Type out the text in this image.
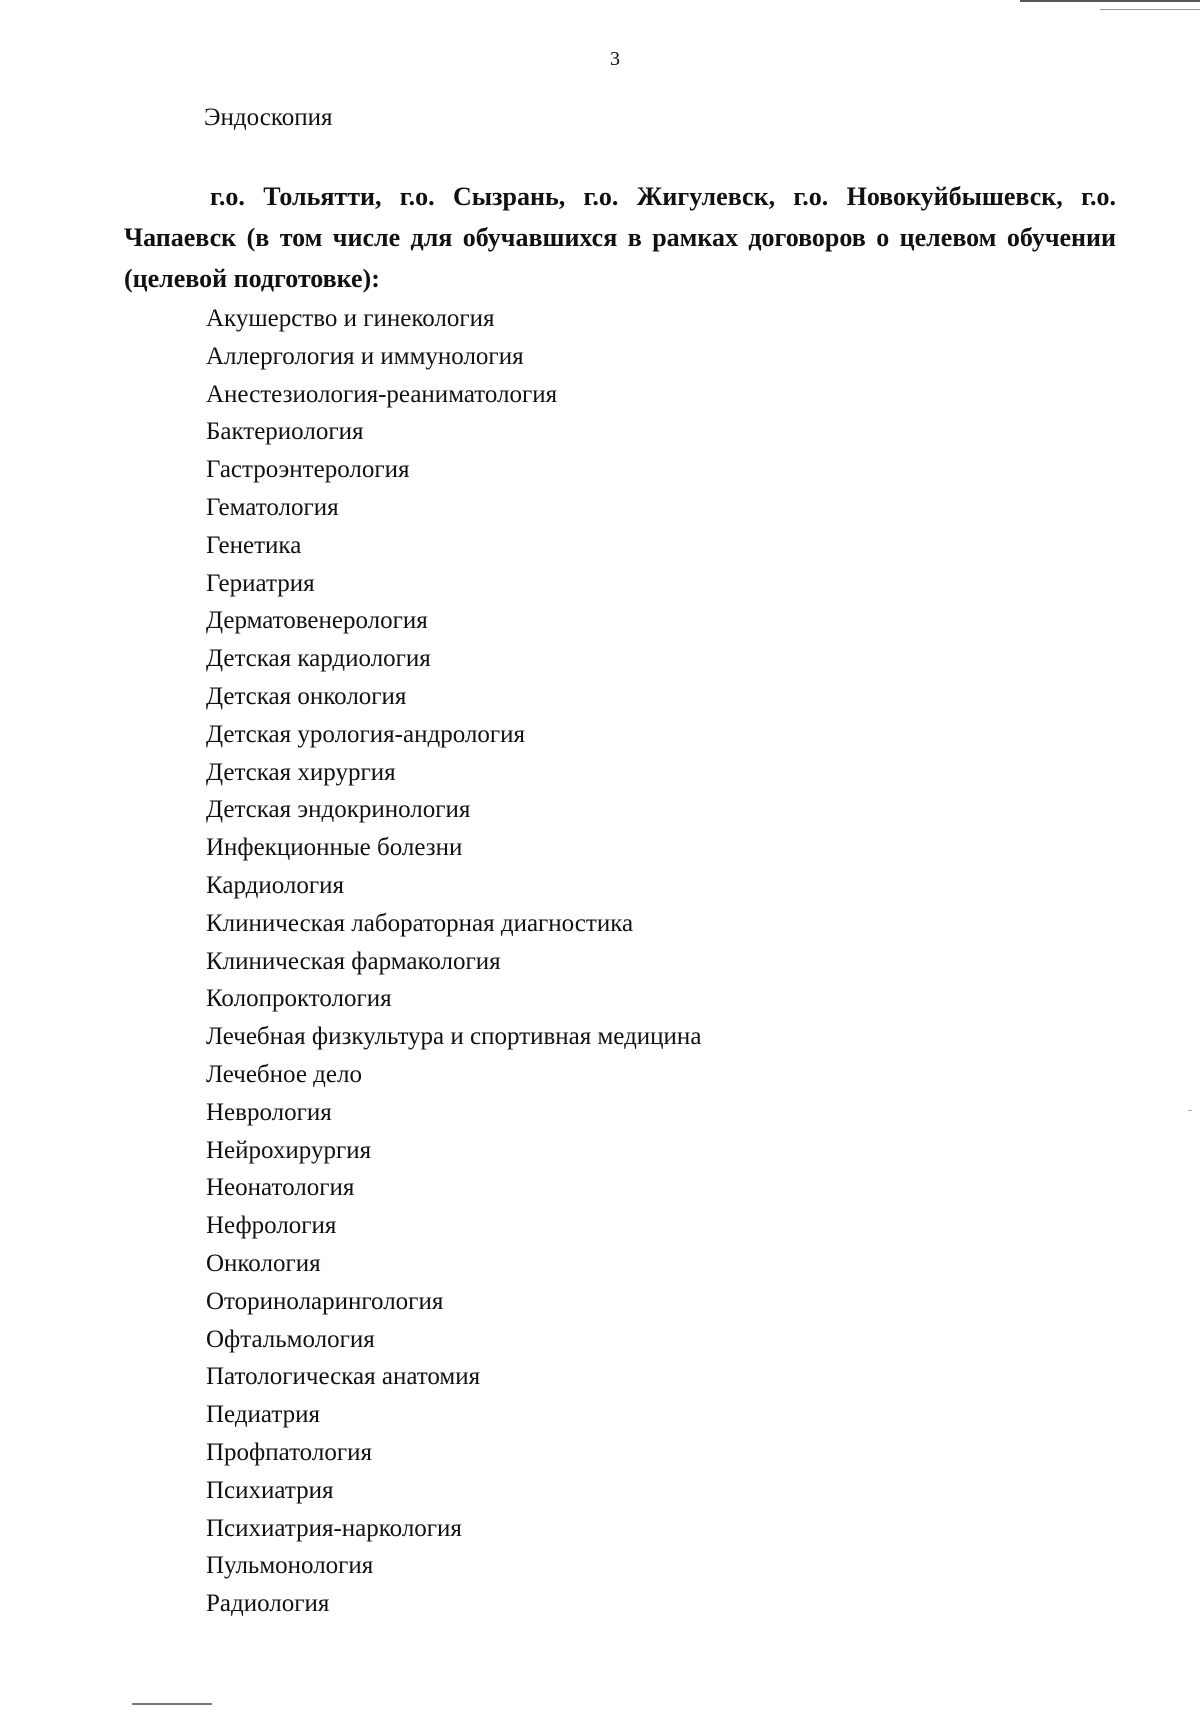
3
Эндоскопия
г.о. Тольятти, г.о. Сызрань, г.о. Жигулевск, г.о. Новокуйбышевск, г.о. Чапаевск (в том числе для обучавшихся в рамках договоров о целевом обучении (целевой подготовке):
Акушерство и гинекология
Аллергология и иммунология
Анестезиология-реаниматология
Бактериология
Гастроэнтерология
Гематология
Генетика
Гериатрия
Дерматовенерология
Детская кардиология
Детская онкология
Детская урология-андрология
Детская хирургия
Детская эндокринология
Инфекционные болезни
Кардиология
Клиническая лабораторная диагностика
Клиническая фармакология
Колопроктология
Лечебная физкультура и спортивная медицина
Лечебное дело
Неврология
Нейрохирургия
Неонатология
Нефрология
Онкология
Оториноларингология
Офтальмология
Патологическая анатомия
Педиатрия
Профпатология
Психиатрия
Психиатрия-наркология
Пульмонология
Радиология
